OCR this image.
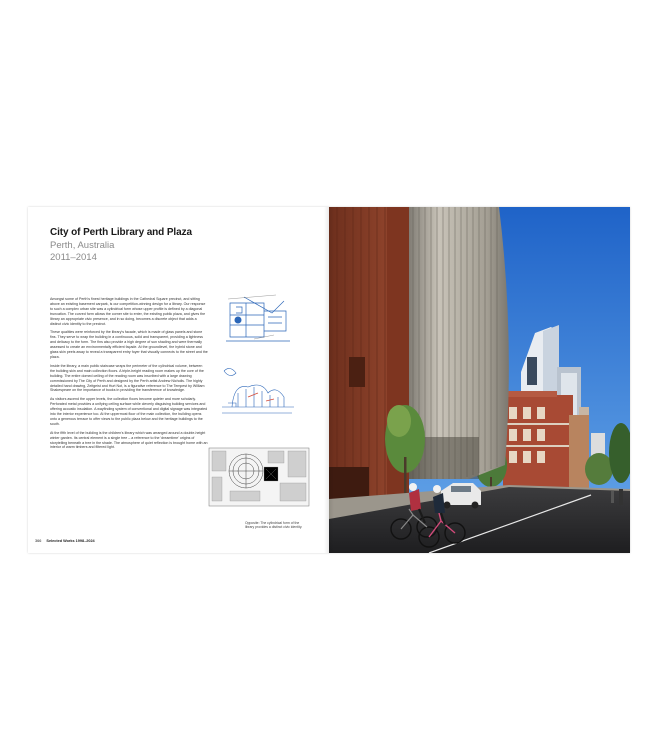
City of Perth Library and Plaza
Perth, Australia
2011–2014

Amongst some of Perth's finest heritage buildings in the Cathedral Square precinct, and sitting above an existing basement carpark, is our competition-winning design for a library. Our response to such a complex urban site was a cylindrical form whose upper profile is defined by a diagonal truncation. The curved form allows the corner site to enter, the existing public plaza, and gives the library an appropriate civic presence, and in so doing, becomes a discrete object that adds a distinct civic identity to the precinct.

These qualities were reinforced by the library's facade, which is made of glass panels and stone fins. They serve to wrap the building in a continuous, solid and transparent, providing a lightness and delicacy to the form. The fins also provide a high degree of sun shading and were thermally assessed to create an environmentally efficient façade. At the groundlevel, the hybrid stone and glass skin peels away to reveal a transparent entry foyer that visually connects to the street and the plaza.

Inside the library, a main public staircase wraps the perimeter of the cylindrical volume, between the building skin and main collection floors. A triple-height reading room makes up the core of the building. The entire domed ceiling of the reading room was inscribed with a large drawing commissioned by The City of Perth and designed by the Perth artist Andrew Nicholls. The highly detailed hand drawing, Zeitgeist and Hurt Not, is a figurative reference to The Tempest by William Shakespeare on the importance of books in providing the transference of knowledge.

As visitors ascend the upper levels, the collection floors become quieter and more scholarly. Perforated metal provides a unifying ceiling surface while cleverly disguising building services and offering acoustic insulation. A wayfinding system of conventional and digital signage was integrated into the interior experience too. At the uppermost floor of the main collection, the building opens onto a generous terrace to offer views to the public plaza below and the heritage buildings to the south.

At the fifth level of the building is the children's library which was arranged around a double-height winter garden. Its central element is a single tree – a reference to the 'dreamtime' origins of storytelling beneath a tree in the shade. The atmosphere of quiet reflection is brought home with an interior of warm timbers and filtered light.

Opposite: The cylindrical form of the library provides a distinct civic identity.
366 Selected Works 1998–2024
